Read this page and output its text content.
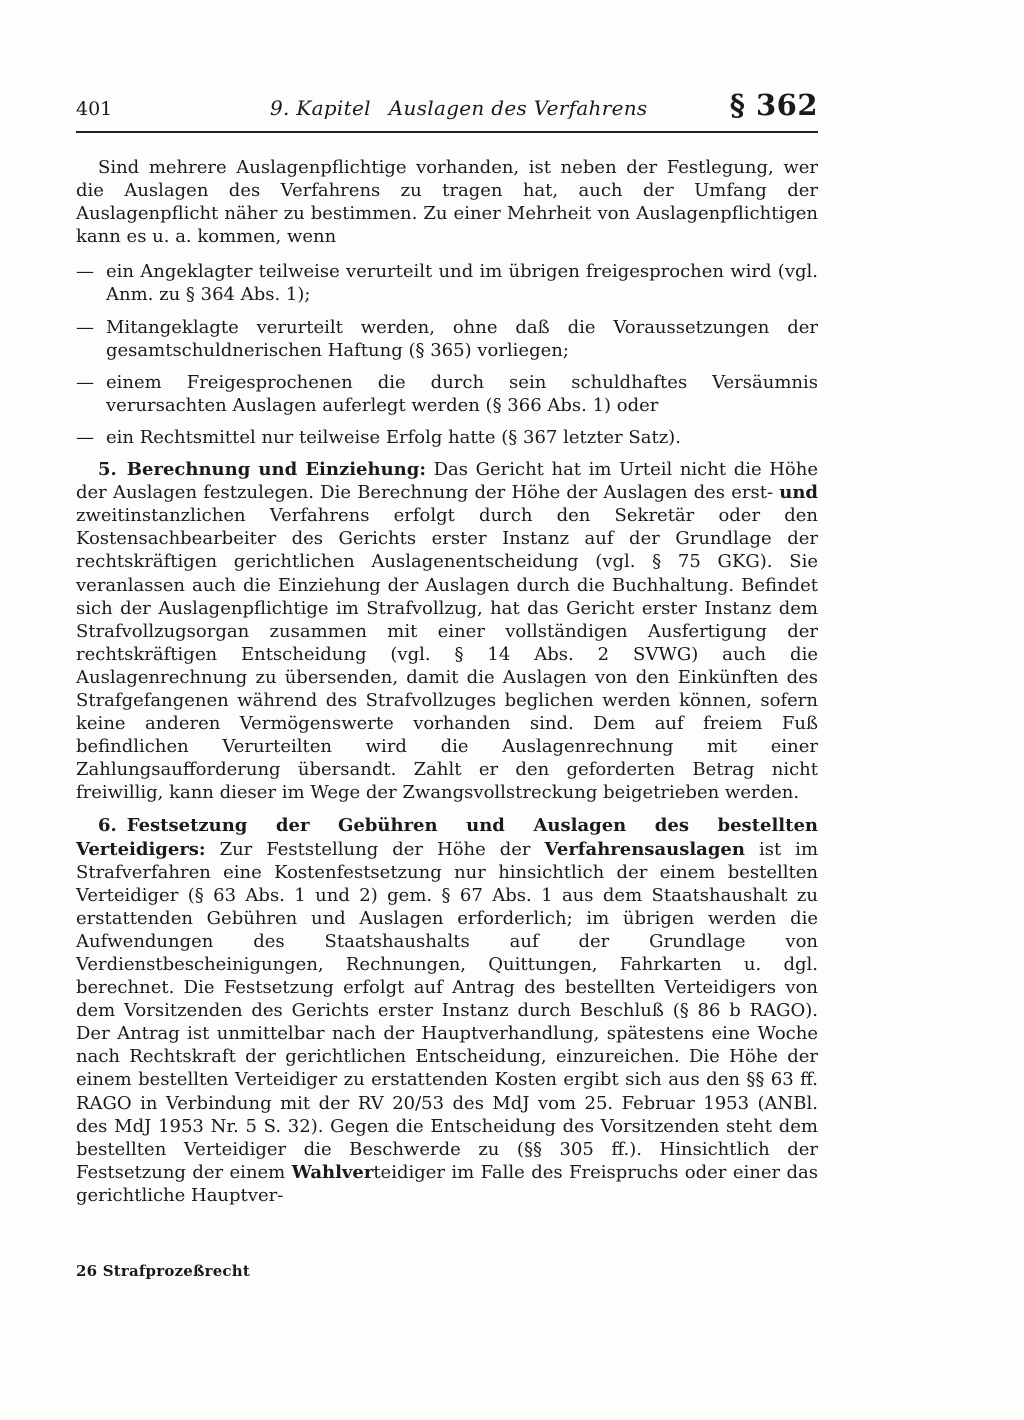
401	9. Kapitel Auslagen des Verfahrens	§ 362

Sind mehrere Auslagenpflichtige vorhanden, ist neben der Festlegung, wer die Auslagen des Verfahrens zu tragen hat, auch der Umfang der Auslagenpflicht näher zu bestimmen. Zu einer Mehrheit von Auslagenpflichtigen kann es u. a. kommen, wenn

— ein Angeklagter teilweise verurteilt und im übrigen freigesprochen wird (vgl. Anm. zu § 364 Abs. 1);
— Mitangeklagte verurteilt werden, ohne daß die Voraussetzungen der gesamtschuldnerischen Haftung (§ 365) vorliegen;
— einem Freigesprochenen die durch sein schuldhaftes Versäumnis verursachten Auslagen auferlegt werden (§ 366 Abs. 1) oder
— ein Rechtsmittel nur teilweise Erfolg hatte (§ 367 letzter Satz).

5. Berechnung und Einziehung: Das Gericht hat im Urteil nicht die Höhe der Auslagen festzulegen. Die Berechnung der Höhe der Auslagen des erst- und zweitinstanzlichen Verfahrens erfolgt durch den Sekretär oder den Kostensachbearbeiter des Gerichts erster Instanz auf der Grundlage der rechtskräftigen gerichtlichen Auslagenentscheidung (vgl. § 75 GKG). Sie veranlassen auch die Einziehung der Auslagen durch die Buchhaltung. Befindet sich der Auslagenpflichtige im Strafvollzug, hat das Gericht erster Instanz dem Strafvollzugsorgan zusammen mit einer vollständigen Ausfertigung der rechtskräftigen Entscheidung (vgl. § 14 Abs. 2 SVWG) auch die Auslagenrechnung zu übersenden, damit die Auslagen von den Einkünften des Strafgefangenen während des Strafvollzuges beglichen werden können, sofern keine anderen Vermögenswerte vorhanden sind. Dem auf freiem Fuß befindlichen Verurteilten wird die Auslagenrechnung mit einer Zahlungsaufforderung übersandt. Zahlt er den geforderten Betrag nicht freiwillig, kann dieser im Wege der Zwangsvollstreckung beigetrieben werden.

6. Festsetzung der Gebühren und Auslagen des bestellten Verteidigers: Zur Feststellung der Höhe der Verfahrensauslagen ist im Strafverfahren eine Kostenfestsetzung nur hinsichtlich der einem bestellten Verteidiger (§ 63 Abs. 1 und 2) gem. § 67 Abs. 1 aus dem Staatshaushalt zu erstattenden Gebühren und Auslagen erforderlich; im übrigen werden die Aufwendungen des Staatshaushalts auf der Grundlage von Verdienstbescheinigungen, Rechnungen, Quittungen, Fahrkarten u. dgl. berechnet. Die Festsetzung erfolgt auf Antrag des bestellten Verteidigers von dem Vorsitzenden des Gerichts erster Instanz durch Beschluß (§ 86 b RAGO). Der Antrag ist unmittelbar nach der Hauptverhandlung, spätestens eine Woche nach Rechtskraft der gerichtlichen Entscheidung, einzureichen. Die Höhe der einem bestellten Verteidiger zu erstattenden Kosten ergibt sich aus den §§ 63 ff. RAGO in Verbindung mit der RV 20/53 des MdJ vom 25. Februar 1953 (ANBl. des MdJ 1953 Nr. 5 S. 32). Gegen die Entscheidung des Vorsitzenden steht dem bestellten Verteidiger die Beschwerde zu (§§ 305 ff.). Hinsichtlich der Festsetzung der einem Wahlverteidiger im Falle des Freispruchs oder einer das gerichtliche Hauptver-

26 Strafprozeßrecht
